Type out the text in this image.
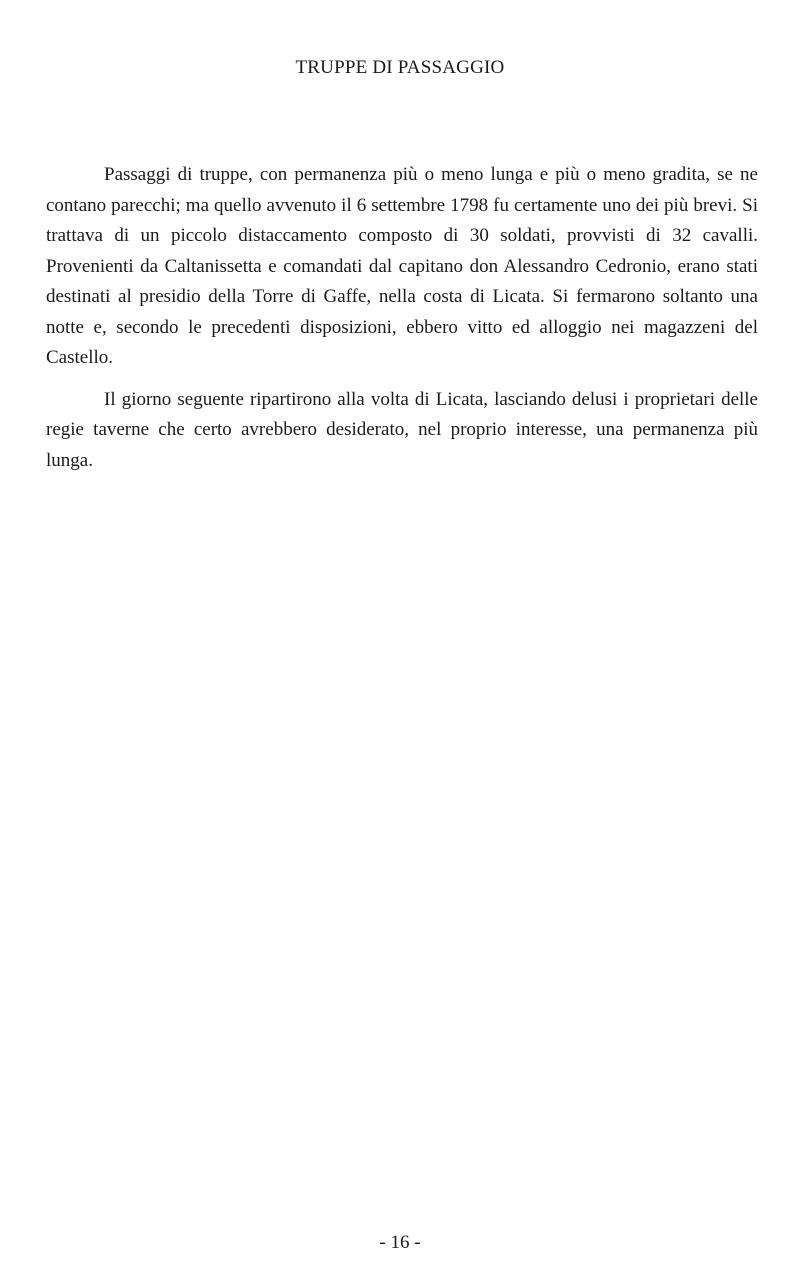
TRUPPE DI PASSAGGIO

Passaggi di truppe, con permanenza più o meno lunga e più o meno gradita, se ne contano parecchi; ma quello avvenuto il 6 settembre 1798 fu certamente uno dei più brevi. Si trattava di un piccolo distaccamento composto di 30 soldati, provvisti di 32 cavalli. Provenienti da Caltanissetta e comandati dal capitano don Alessandro Cedronio, erano stati destinati al presidio della Torre di Gaffe, nella costa di Licata. Si fermarono soltanto una notte e, secondo le precedenti disposizioni, ebbero vitto ed alloggio nei magazzeni del Castello.

Il giorno seguente ripartirono alla volta di Licata, lasciando delusi i proprietari delle regie taverne che certo avrebbero desiderato, nel proprio interesse, una permanenza più lunga.

- 16 -
